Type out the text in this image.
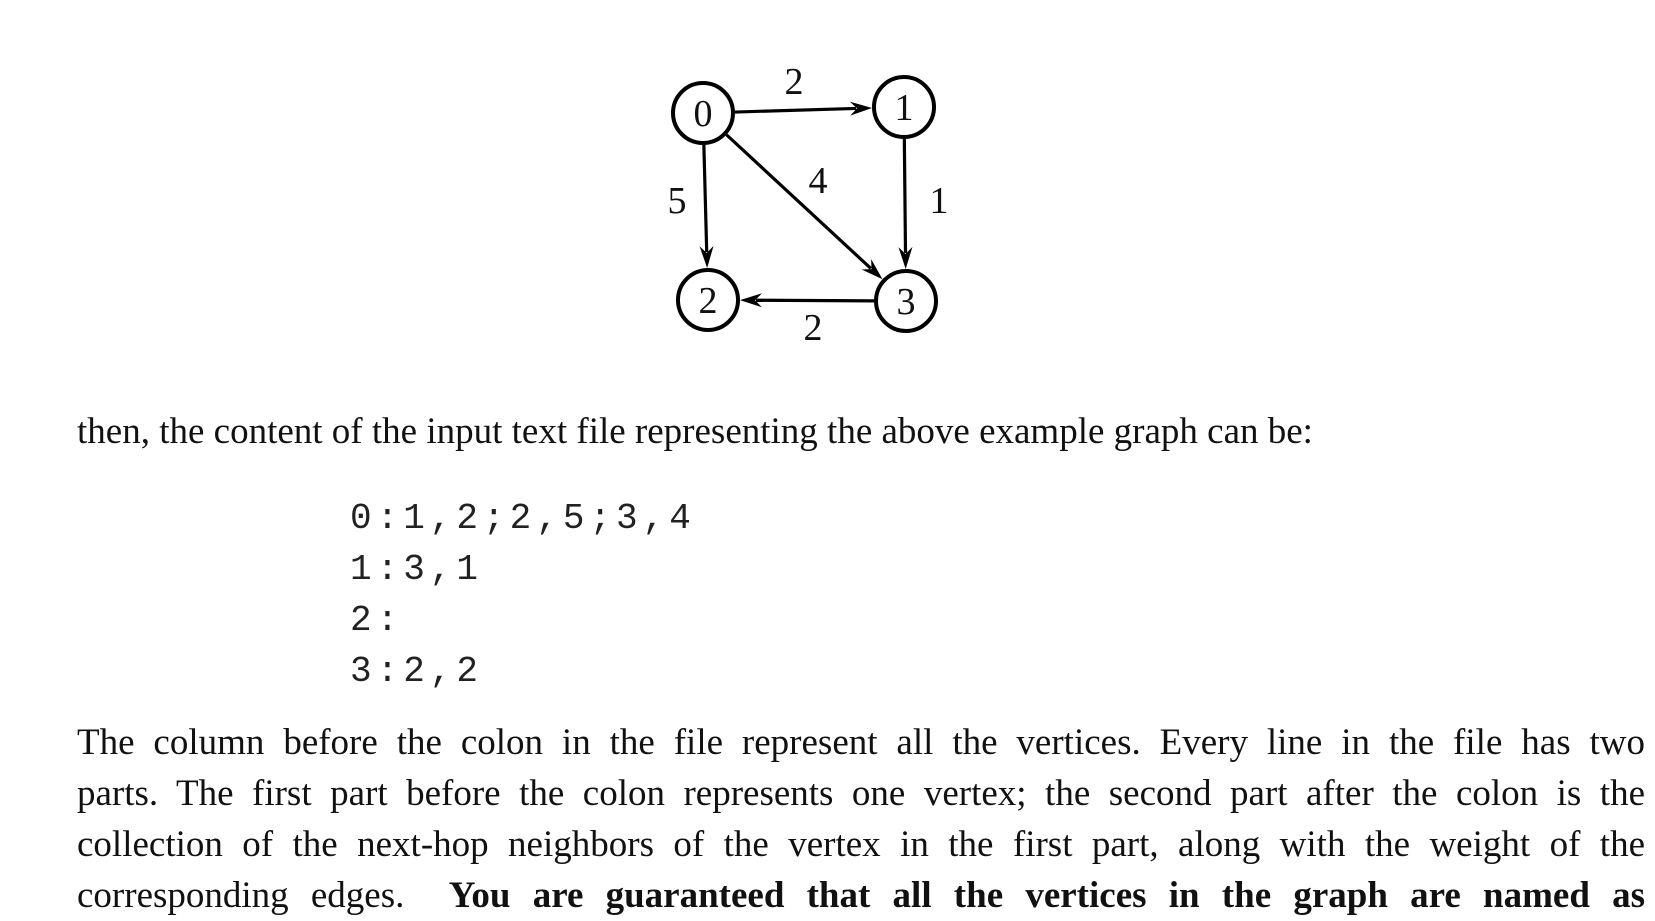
2
5	4	1
2
0	1
2	3

then, the content of the input text file representing the above example graph can be:

0:1,2;2,5;3,4
1:3,1
2:
3:2,2
The column before the colon in the file represent all the vertices. Every line in the file has two
parts. The first part before the colon represents one vertex; the second part after the colon is the
collection of the next-hop neighbors of the vertex in the first part, along with the weight of the
corresponding edges. You are guaranteed that all the vertices in the graph are named as
